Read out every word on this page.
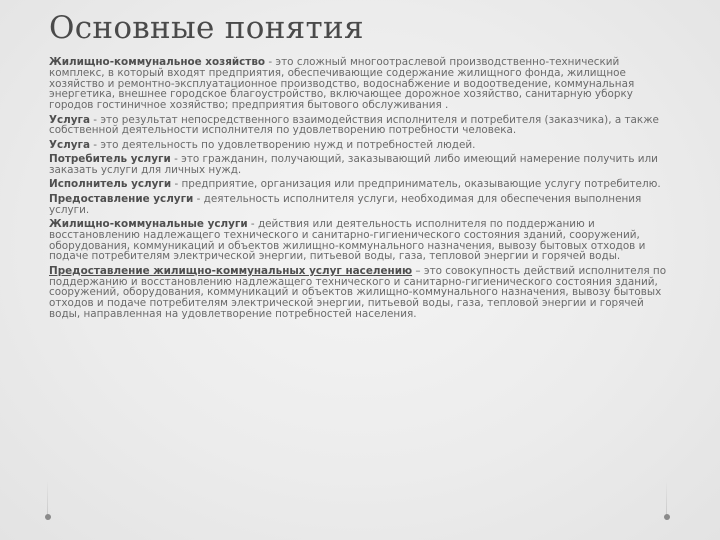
Основные понятия

Жилищно-коммунальное хозяйство - это сложный многоотраслевой производственно-технический комплекс, в который входят предприятия, обеспечивающие содержание жилищного фонда, жилищное хозяйство и ремонтно-эксплуатационное производство, водоснабжение и водоотведение, коммунальная энергетика, внешнее городское благоустройство, включающее дорожное хозяйство, санитарную уборку городов гостиничное хозяйство; предприятия бытового обслуживания .

Услуга - это результат непосредственного взаимодействия исполнителя и потребителя (заказчика), а также собственной деятельности исполнителя по удовлетворению потребности человека.

Услуга - это деятельность по удовлетворению нужд и потребностей людей.

Потребитель услуги - это гражданин, получающий, заказывающий либо имеющий намерение получить или заказать услуги для личных нужд.

Исполнитель услуги - предприятие, организация или предприниматель, оказывающие услугу потребителю.

Предоставление услуги - деятельность исполнителя услуги, необходимая для обеспечения выполнения услуги.

Жилищно-коммунальные услуги - действия или деятельность исполнителя по поддержанию и восстановлению надлежащего технического и санитарно-гигиенического состояния зданий, сооружений, оборудования, коммуникаций и объектов жилищно-коммунального назначения, вывозу бытовых отходов и подаче потребителям электрической энергии, питьевой воды, газа, тепловой энергии и горячей воды.

Предоставление жилищно-коммунальных услуг населению – это совокупность действий исполнителя по поддержанию и восстановлению надлежащего технического и санитарно-гигиенического состояния зданий, сооружений, оборудования, коммуникаций и объектов жилищно-коммунального назначения, вывозу бытовых отходов и подаче потребителям электрической энергии, питьевой воды, газа, тепловой энергии и горячей воды, направленная на удовлетворение потребностей населения.
